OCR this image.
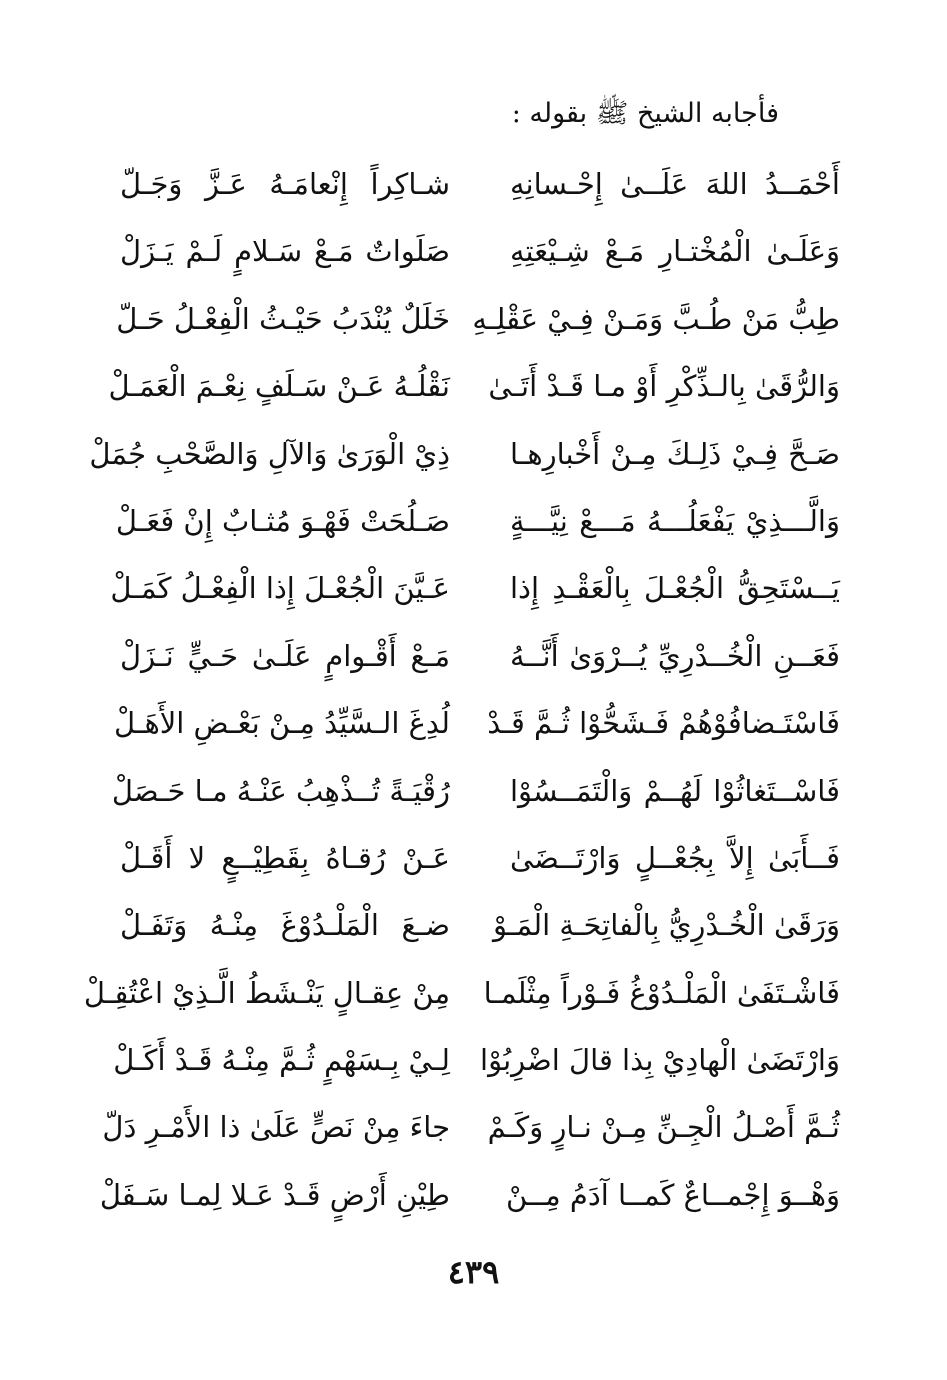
فأجابه الشيخ ﷺ بقوله :
أَحْمَــدُ اللهَ عَلَــىٰ إِحْـسانِهِ
شـاكِراً إِنْعامَـهُ عَـزَّ وَجَـلّ
وَعَلَـىٰ الْمُخْتـارِ مَـعْ شِـيْعَتِهِ
صَلَواتٌ مَـعْ سَـلامٍ لَـمْ يَـزَلْ
طِبُّ مَنْ طُـبَّ وَمَـنْ فِـيْ عَقْلِـهِ
خَلَلٌ يُنْدَبُ حَيْـثُ الْفِعْـلُ حَـلّ
وَالرُّقَىٰ بِالـذِّكْرِ أَوْ مـا قَـدْ أَتَـىٰ
نَقْلُـهُ عَـنْ سَـلَفٍ نِعْـمَ الْعَمَـلْ
صَـحَّ فِـيْ ذَلِـكَ مِـنْ أَخْبارِهـا
ذِيْ الْوَرَىٰ وَالآلِ وَالصَّحْبِ جُمَلْ
وَالَّـــذِيْ يَفْعَلُـــهُ مَـــعْ نِيَّـــةٍ
صَـلُحَتْ فَهْـوَ مُثـابٌ إِنْ فَعَـلْ
يَــسْتَحِقُّ الْجُعْـلَ بِالْعَقْـدِ إِذا
عَـيَّنَ الْجُعْـلَ إِذا الْفِعْـلُ كَمَـلْ
فَعَــنِ الْخُــدْرِيِّ يُــرْوَىٰ أَنَّــهُ
مَـعْ أَقْـوامٍ عَلَـىٰ حَـيٍّ نَـزَلْ
فَاسْتَـضافُوْهُمْ فَـشَحُّوْا ثُـمَّ قَـدْ
لُدِغَ الـسَّيِّدُ مِـنْ بَعْـضِ الأَهَـلْ
فَاسْــتَغاثُوْا لَهُــمْ وَالْتَمَــسُوْا
رُقْيَـةً تُــذْهِبُ عَنْـهُ مـا حَـصَلْ
فَــأَبَىٰ إِلاَّ بِجُعْــلٍ وَارْتَــضَىٰ
عَـنْ رُقـاهُ بِقَطِيْــعٍ لا أَقَـلْ
وَرَقَىٰ الْخُـدْرِيُّ بِالْفاتِحَـةِ الْمَـوْ
ضـعَ الْمَلْـدُوْغَ مِنْـهُ وَتَفَـلْ
فَاشْـتَفَىٰ الْمَلْـدُوْغُ فَـوْراً مِثْلَمـا
مِنْ عِقـالٍ يَنْـشَطُ الَّـذِيْ اعْتُقِـلْ
وَارْتَضَىٰ الْهادِيْ بِذا قالَ اضْرِبُوْا
لِـيْ بِـسَهْمٍ ثُـمَّ مِنْـهُ قَـدْ أَكَـلْ
ثُـمَّ أَصْـلُ الْجِـنِّ مِـنْ نـارٍ وَكَـمْ
جاءَ مِنْ نَصٍّ عَلَىٰ ذا الأَمْـرِ دَلّ
وَهْــوَ إِجْمــاعٌ كَمــا آدَمُ مِــنْ
طِيْنِ أَرْضٍ قَـدْ عَـلا لِمـا سَـفَلْ
٤٣٩
